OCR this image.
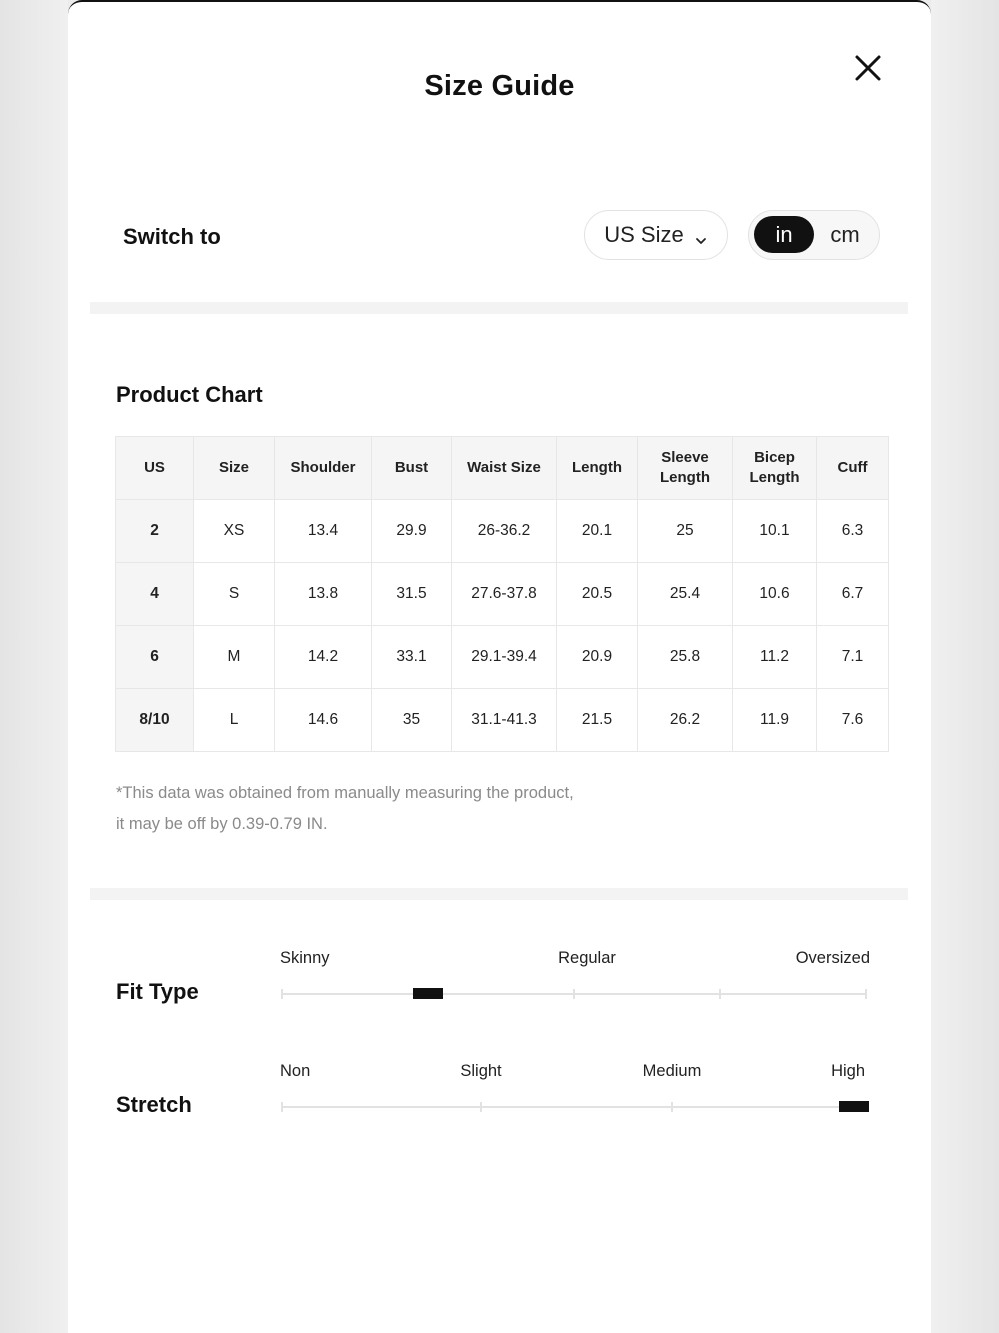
Size Guide
Switch to	US Size	in	cm
Product Chart
US	Size	Shoulder	Bust	Waist Size	Length	Sleeve Length	Bicep Length	Cuff
2	XS	13.4	29.9	26-36.2	20.1	25	10.1	6.3
4	S	13.8	31.5	27.6-37.8	20.5	25.4	10.6	6.7
6	M	14.2	33.1	29.1-39.4	20.9	25.8	11.2	7.1
8/10	L	14.6	35	31.1-41.3	21.5	26.2	11.9	7.6
*This data was obtained from manually measuring the product,
it may be off by 0.39-0.79 IN.
Fit Type
Skinny	Regular	Oversized
Stretch
Non	Slight	Medium	High
